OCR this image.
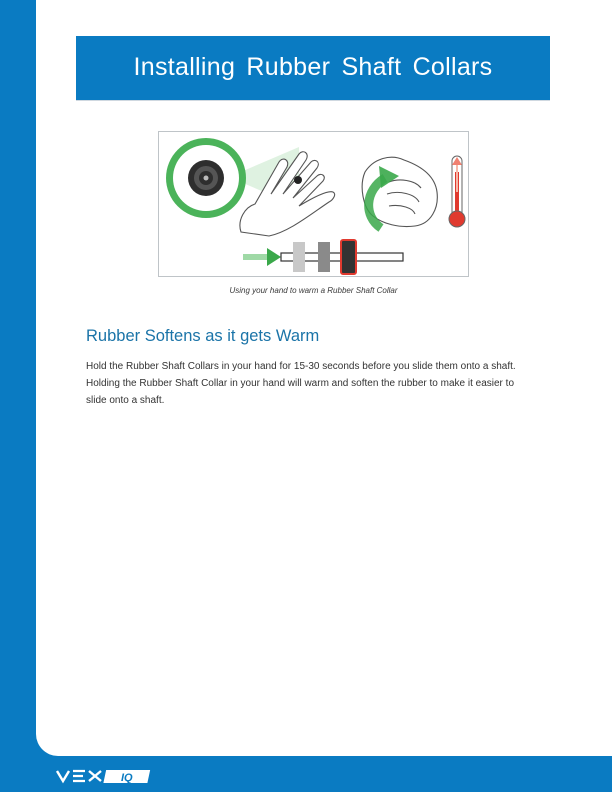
Installing Rubber Shaft Collars
Using your hand to warm a Rubber Shaft Collar
Rubber Softens as it gets Warm
Hold the Rubber Shaft Collars in your hand for 15-30 seconds before you slide them onto a shaft. Holding the Rubber Shaft Collar in your hand will warm and soften the rubber to make it easier to slide onto a shaft.
IQ
